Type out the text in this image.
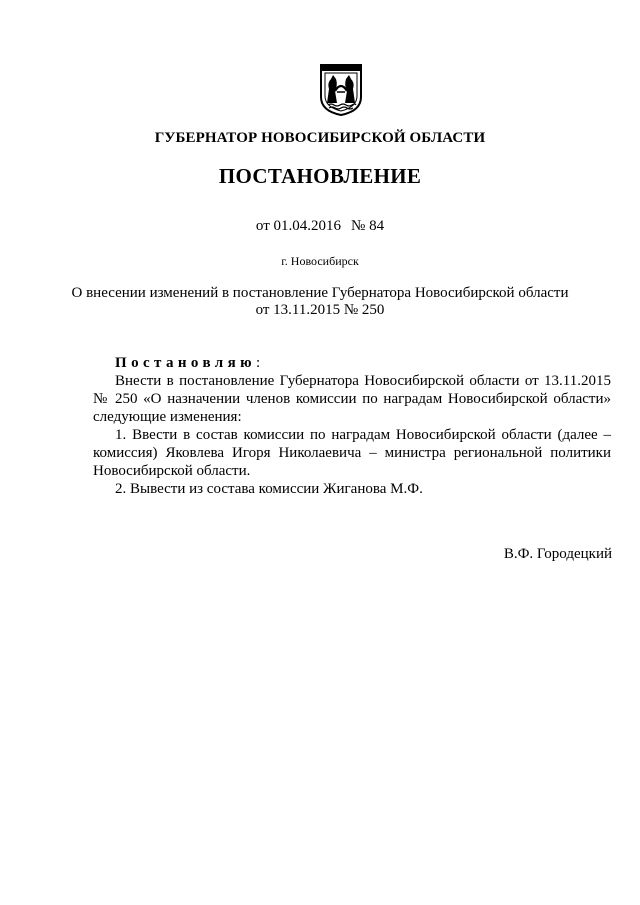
ГУБЕРНАТОР НОВОСИБИРСКОЙ ОБЛАСТИ
ПОСТАНОВЛЕНИЕ
от 01.04.2016 № 84
г. Новосибирск
О внесении изменений в постановление Губернатора Новосибирской области
от 13.11.2015 № 250

Постановляю:

Внести в постановление Губернатора Новосибирской области от 13.11.2015 № 250 «О назначении членов комиссии по наградам Новосибирской области» следующие изменения:

1. Ввести в состав комиссии по наградам Новосибирской области (далее – комиссия) Яковлева Игоря Николаевича – министра региональной политики Новосибирской области.

2. Вывести из состава комиссии Жиганова М.Ф.

В.Ф. Городецкий
